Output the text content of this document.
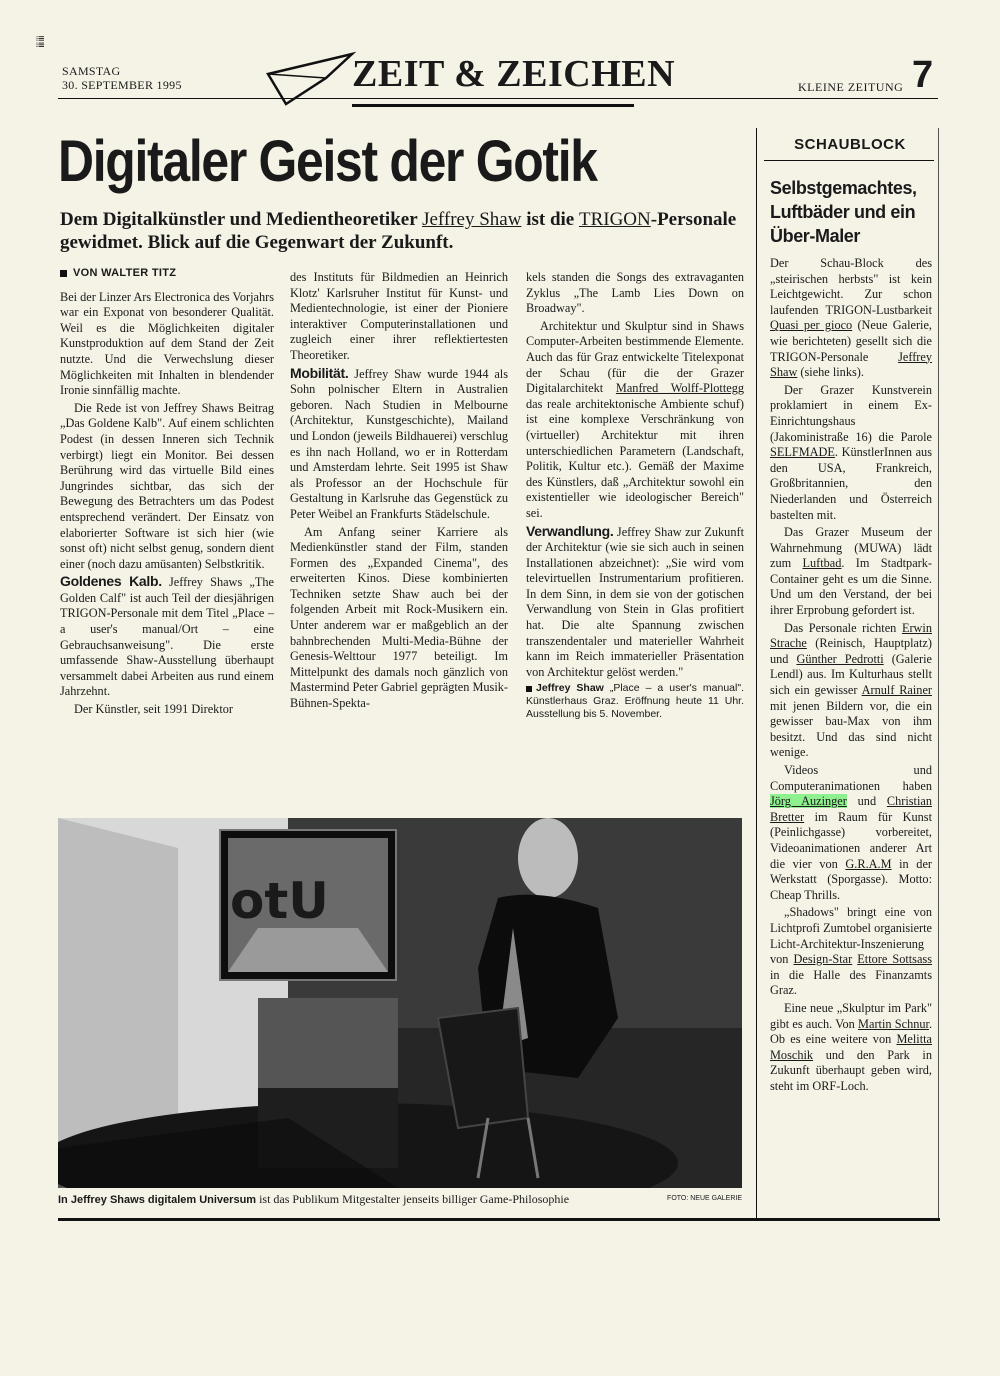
ⅲⅲ
SAMSTAG
30. SEPTEMBER 1995	ZEIT & ZEICHEN	KLEINE ZEITUNG 7
Digitaler Geist der Gotik
Dem Digitalkünstler und Medientheoretiker Jeffrey Shaw ist die TRIGON-Personale gewidmet. Blick auf die Gegenwart der Zukunft.
VON WALTER TITZ

Bei der Linzer Ars Electronica des Vorjahrs war ein Exponat von besonderer Qualität. Weil es die Möglichkeiten digitaler Kunstproduktion auf dem Stand der Zeit nutzte. Und die Verwechslung dieser Möglichkeiten mit Inhalten in blendender Ironie sinnfällig machte.

Die Rede ist von Jeffrey Shaws Beitrag „Das Goldene Kalb". Auf einem schlichten Podest (in dessen Inneren sich Technik verbirgt) liegt ein Monitor. Bei dessen Berührung wird das virtuelle Bild eines Jungrindes sichtbar, das sich der Bewegung des Betrachters um das Podest entsprechend verändert. Der Einsatz von elaborierter Software ist sich hier (wie sonst oft) nicht selbst genug, sondern dient einer (noch dazu amüsanten) Selbstkritik.

Goldenes Kalb. Jeffrey Shaws „The Golden Calf" ist auch Teil der diesjährigen TRIGON-Personale mit dem Titel „Place – a user's manual/Ort – eine Gebrauchsanweisung". Die erste umfassende Shaw-Ausstellung überhaupt versammelt dabei Arbeiten aus rund einem Jahrzehnt.

Der Künstler, seit 1991 Direktor

des Instituts für Bildmedien an Heinrich Klotz' Karlsruher Institut für Kunst- und Medientechnologie, ist einer der Pioniere interaktiver Computerinstallationen und zugleich einer ihrer reflektiertesten Theoretiker.

Mobilität. Jeffrey Shaw wurde 1944 als Sohn polnischer Eltern in Australien geboren. Nach Studien in Melbourne (Architektur, Kunstgeschichte), Mailand und London (jeweils Bildhauerei) verschlug es ihn nach Holland, wo er in Rotterdam und Amsterdam lehrte. Seit 1995 ist Shaw als Professor an der Hochschule für Gestaltung in Karlsruhe das Gegenstück zu Peter Weibel an Frankfurts Städelschule.

Am Anfang seiner Karriere als Medienkünstler stand der Film, standen Formen des „Expanded Cinema", des erweiterten Kinos. Diese kombinierten Techniken setzte Shaw auch bei der folgenden Arbeit mit Rock-Musikern ein. Unter anderem war er maßgeblich an der bahnbrechenden Multi-Media-Bühne der Genesis-Welttour 1977 beteiligt. Im Mittelpunkt des damals noch gänzlich von Mastermind Peter Gabriel geprägten Musik-Bühnen-Spekta-

kels standen die Songs des extravaganten Zyklus „The Lamb Lies Down on Broadway".

Architektur und Skulptur sind in Shaws Computer-Arbeiten bestimmende Elemente. Auch das für Graz entwickelte Titelexponat der Schau (für die der Grazer Digitalarchitekt Manfred Wolff-Plottegg das reale architektonische Ambiente schuf) ist eine komplexe Verschränkung von (virtueller) Architektur mit ihren unterschiedlichen Parametern (Landschaft, Politik, Kultur etc.). Gemäß der Maxime des Künstlers, daß „Architektur sowohl ein existentieller wie ideologischer Bereich" sei.

Verwandlung. Jeffrey Shaw zur Zukunft der Architektur (wie sie sich auch in seinen Installationen abzeichnet): „Sie wird vom televirtuellen Instrumentarium profitieren. In dem Sinn, in dem sie von der gotischen Verwandlung von Stein in Glas profitiert hat. Die alte Spannung zwischen transzendentaler und materieller Wahrheit kann im Reich immaterieller Präsentation von Architektur gelöst werden."

Jeffrey Shaw „Place – a user's manual". Künstlerhaus Graz. Eröffnung heute 11 Uhr. Ausstellung bis 5. November.

otU
In Jeffrey Shaws digitalem Universum ist das Publikum Mitgestalter jenseits billiger Game-Philosophie	FOTO: NEUE GALERIE
SCHAUBLOCK
Selbstgemachtes, Luftbäder und ein Über-Maler

Der Schau-Block des „steirischen herbsts" ist kein Leichtgewicht. Zur schon laufenden TRIGON-Lustbarkeit Quasi per gioco (Neue Galerie, wie berichteten) gesellt sich die TRIGON-Personale Jeffrey Shaw (siehe links).

Der Grazer Kunstverein proklamiert in einem Ex-Einrichtungshaus (Jakoministraße 16) die Parole SELFMADE. KünstlerInnen aus den USA, Frankreich, Großbritannien, den Niederlanden und Österreich bastelten mit.

Das Grazer Museum der Wahrnehmung (MUWA) lädt zum Luftbad. Im Stadtpark-Container geht es um die Sinne. Und um den Verstand, der bei ihrer Erprobung gefordert ist.

Das Personale richten Erwin Strache (Reinisch, Hauptplatz) und Günther Pedrotti (Galerie Lendl) aus. Im Kulturhaus stellt sich ein gewisser Arnulf Rainer mit jenen Bildern vor, die ein gewisser bau-Max von ihm besitzt. Und das sind nicht wenige.

Videos und Computeranimationen haben Jörg Auzinger und Christian Bretter im Raum für Kunst (Peinlichgasse) vorbereitet, Videoanimationen anderer Art die vier von G.R.A.M in der Werkstatt (Sporgasse). Motto: Cheap Thrills.

„Shadows" bringt eine von Lichtprofi Zumtobel organisierte Licht-Architektur-Inszenierung von Design-Star Ettore Sottsass in die Halle des Finanzamts Graz.

Eine neue „Skulptur im Park" gibt es auch. Von Martin Schnur. Ob es eine weitere von Melitta Moschik und den Park in Zukunft überhaupt geben wird, steht im ORF-Loch.
